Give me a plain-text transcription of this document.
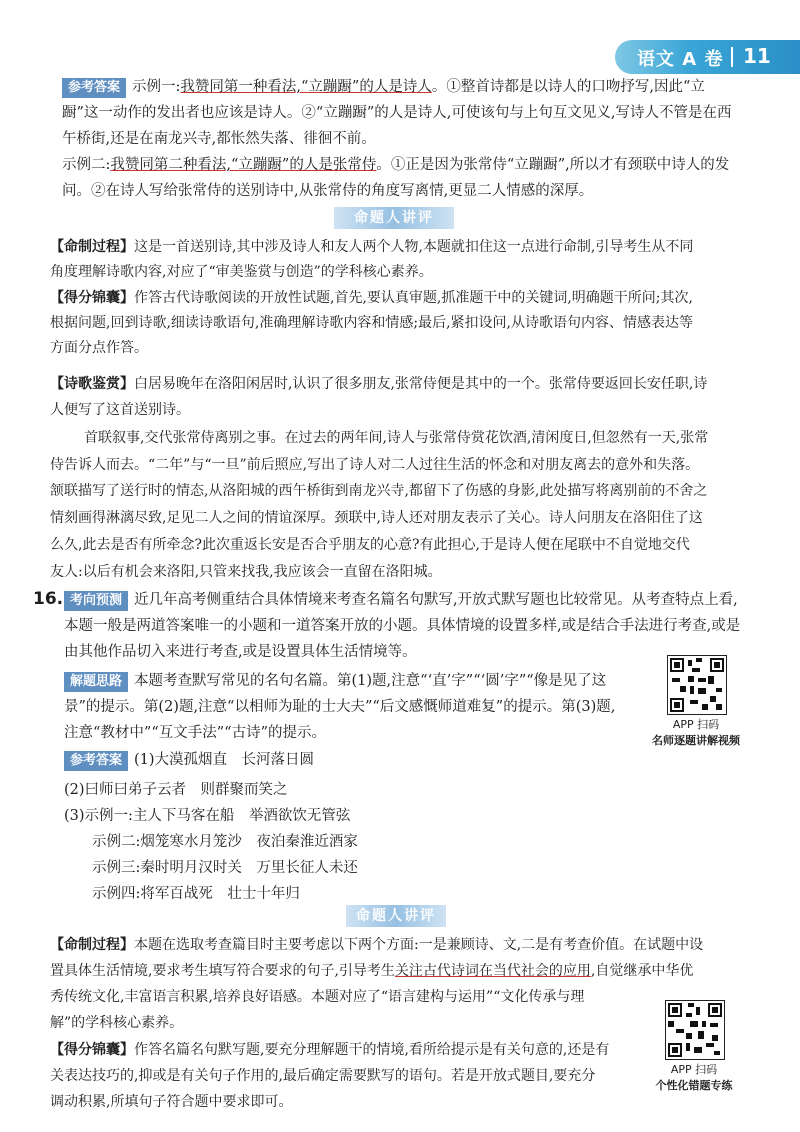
语文 A 卷 11
参考答案 示例一:我赞同第一种看法,“立蹦蹰”的人是诗人。①整首诗都是以诗人的口吻抒写,因此“立
蹰”这一动作的发出者也应该是诗人。②“立蹦蹰”的人是诗人,可使该句与上句互文见义,写诗人不管是在西
午桥街,还是在南龙兴寺,都怅然失落、徘徊不前。
示例二:我赞同第二种看法,“立蹦蹰”的人是张常侍。①正是因为张常侍“立蹦蹰”,所以才有颈联中诗人的发
问。②在诗人写给张常侍的送别诗中,从张常侍的角度写离情,更显二人情感的深厚。
命题人讲评
【命制过程】这是一首送别诗,其中涉及诗人和友人两个人物,本题就扣住这一点进行命制,引导考生从不同
角度理解诗歌内容,对应了“审美鉴赏与创造”的学科核心素养。
【得分锦囊】作答古代诗歌阅读的开放性试题,首先,要认真审题,抓准题干中的关键词,明确题干所问;其次,
根据问题,回到诗歌,细读诗歌语句,准确理解诗歌内容和情感;最后,紧扣设问,从诗歌语句内容、情感表达等
方面分点作答。
【诗歌鉴赏】白居易晚年在洛阳闲居时,认识了很多朋友,张常侍便是其中的一个。张常侍要返回长安任职,诗
人便写了这首送别诗。
首联叙事,交代张常侍离别之事。在过去的两年间,诗人与张常侍赏花饮酒,清闲度日,但忽然有一天,张常
侍告诉人而去。“二年”与“一旦”前后照应,写出了诗人对二人过往生活的怀念和对朋友离去的意外和失落。
颔联描写了送行时的情态,从洛阳城的西午桥街到南龙兴寺,都留下了伤感的身影,此处描写将离别前的不舍之
情刻画得淋漓尽致,足见二人之间的情谊深厚。颈联中,诗人还对朋友表示了关心。诗人问朋友在洛阳住了这
么久,此去是否有所牵念?此次重返长安是否合乎朋友的心意?有此担心,于是诗人便在尾联中不自觉地交代
友人:以后有机会来洛阳,只管来找我,我应该会一直留在洛阳城。
16. 考向预测 近几年高考侧重结合具体情境来考查名篇名句默写,开放式默写题也比较常见。从考查特点上看,
本题一般是两道答案唯一的小题和一道答案开放的小题。具体情境的设置多样,或是结合手法进行考查,或是
由其他作品切入来进行考查,或是设置具体生活情境等。
解题思路 本题考查默写常见的名句名篇。第(1)题,注意“‘直’字”“‘圆’字”“像是见了这
景”的提示。第(2)题,注意“以相师为耻的士大夫”“后文感慨师道难复”的提示。第(3)题,
注意“教材中”“互文手法”“古诗”的提示。
参考答案 (1)大漠孤烟直　长河落日圆
(2)曰师曰弟子云者　则群聚而笑之
(3)示例一:主人下马客在船　举酒欲饮无管弦
示例二:烟笼寒水月笼沙　夜泊秦淮近酒家
示例三:秦时明月汉时关　万里长征人未还
示例四:将军百战死　壮士十年归
命题人讲评
【命制过程】本题在选取考查篇目时主要考虑以下两个方面:一是兼顾诗、文,二是有考查价值。在试题中设
置具体生活情境,要求考生填写符合要求的句子,引导考生关注古代诗词在当代社会的应用,自觉继承中华优
秀传统文化,丰富语言积累,培养良好语感。本题对应了“语言建构与运用”“文化传承与理
解”的学科核心素养。
【得分锦囊】作答名篇名句默写题,要充分理解题干的情境,看所给提示是有关句意的,还是有
关表达技巧的,抑或是有关句子作用的,最后确定需要默写的语句。若是开放式题目,要充分
调动积累,所填句子符合题中要求即可。
APP 扫码
名师逐题讲解视频
APP 扫码
个性化错题专练
